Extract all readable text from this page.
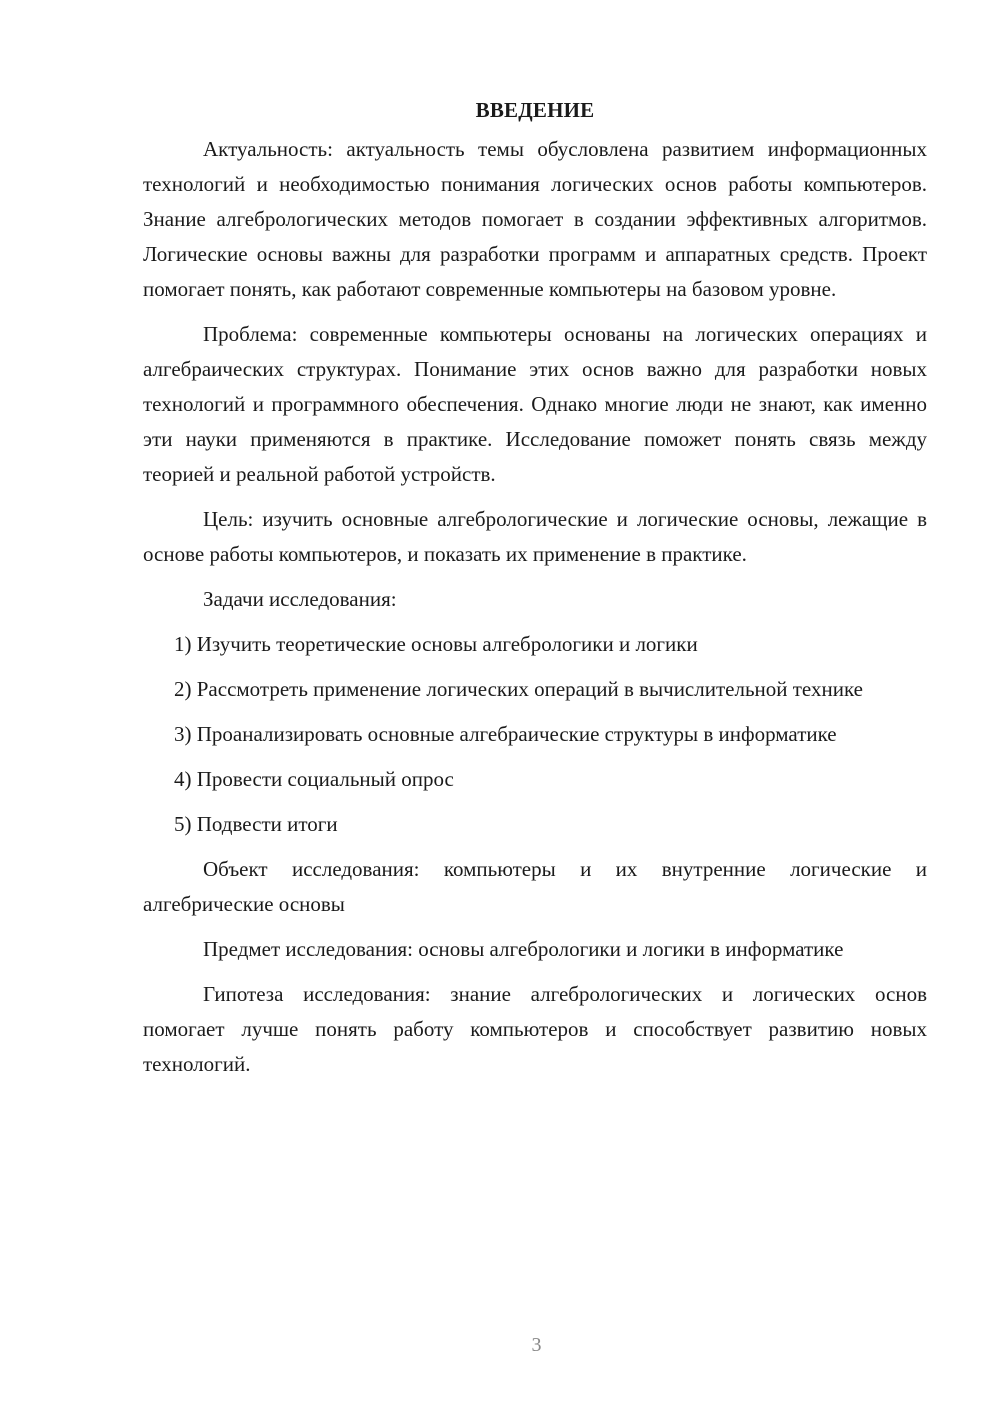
ВВЕДЕНИЕ

Актуальность: актуальность темы обусловлена развитием информационных технологий и необходимостью понимания логических основ работы компьютеров. Знание алгебрологических методов помогает в создании эффективных алгоритмов. Логические основы важны для разработки программ и аппаратных средств. Проект помогает понять, как работают современные компьютеры на базовом уровне.

Проблема: современные компьютеры основаны на логических операциях и алгебраических структурах. Понимание этих основ важно для разработки новых технологий и программного обеспечения. Однако многие люди не знают, как именно эти науки применяются в практике. Исследование поможет понять связь между теорией и реальной работой устройств.

Цель: изучить основные алгебрологические и логические основы, лежащие в основе работы компьютеров, и показать их применение в практике.

Задачи исследования:

1) Изучить теоретические основы алгебрологики и логики

2) Рассмотреть применение логических операций в вычислительной технике

3) Проанализировать основные алгебраические структуры в информатике

4) Провести социальный опрос

5) Подвести итоги

Объект исследования: компьютеры и их внутренние логические и алгебрические основы

Предмет исследования: основы алгебрологики и логики в информатике

Гипотеза исследования: знание алгебрологических и логических основ помогает лучше понять работу компьютеров и способствует развитию новых технологий.

3
